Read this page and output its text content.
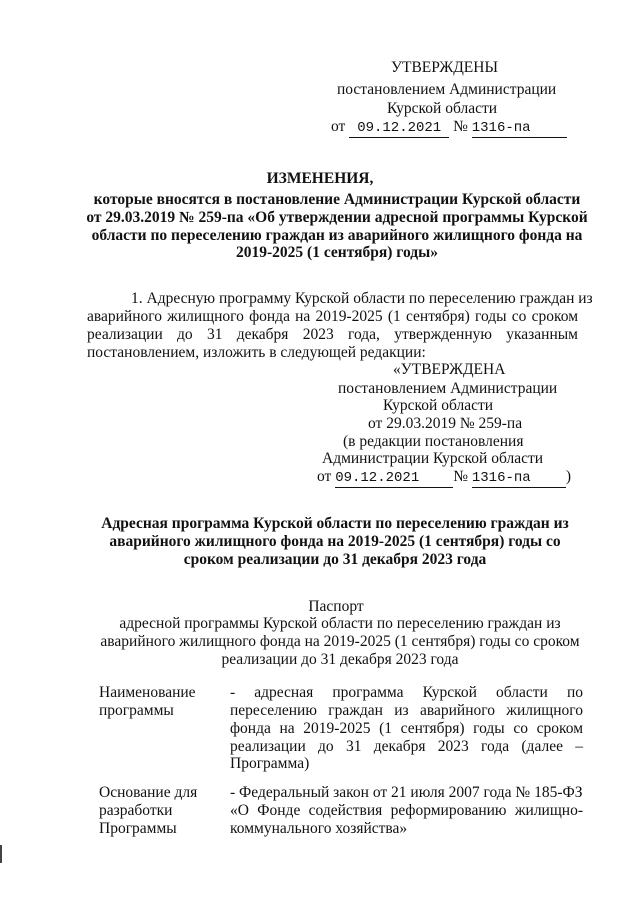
УТВЕРЖДЕНЫ
постановлением Администрации
Курской области
от 09.12.2021 № 1316-па
ИЗМЕНЕНИЯ,
которые вносятся в постановление Администрации Курской области
от 29.03.2019 № 259-па «Об утверждении адресной программы Курской
области по переселению граждан из аварийного жилищного фонда на
2019-2025 (1 сентября) годы»
1. Адресную программу Курской области по переселению граждан из
аварийного жилищного фонда на 2019-2025 (1 сентября) годы со сроком
реализации до 31 декабря 2023 года, утвержденную указанным
постановлением, изложить в следующей редакции:
«УТВЕРЖДЕНА
постановлением Администрации
Курской области
от 29.03.2019 № 259-па
(в редакции постановления
Администрации Курской области
от 09.12.2021 № 1316-па )
Адресная программа Курской области по переселению граждан из
аварийного жилищного фонда на 2019-2025 (1 сентября) годы со
сроком реализации до 31 декабря 2023 года
Паспорт
адресной программы Курской области по переселению граждан из
аварийного жилищного фонда на 2019-2025 (1 сентября) годы со сроком
реализации до 31 декабря 2023 года
Наименование
программы
- адресная программа Курской области по
переселению граждан из аварийного жилищного
фонда на 2019-2025 (1 сентября) годы со сроком
реализации до 31 декабря 2023 года (далее –
Программа)
Основание для
разработки
Программы
- Федеральный закон от 21 июля 2007 года № 185-ФЗ
«О Фонде содействия реформированию жилищно-
коммунального хозяйства»
